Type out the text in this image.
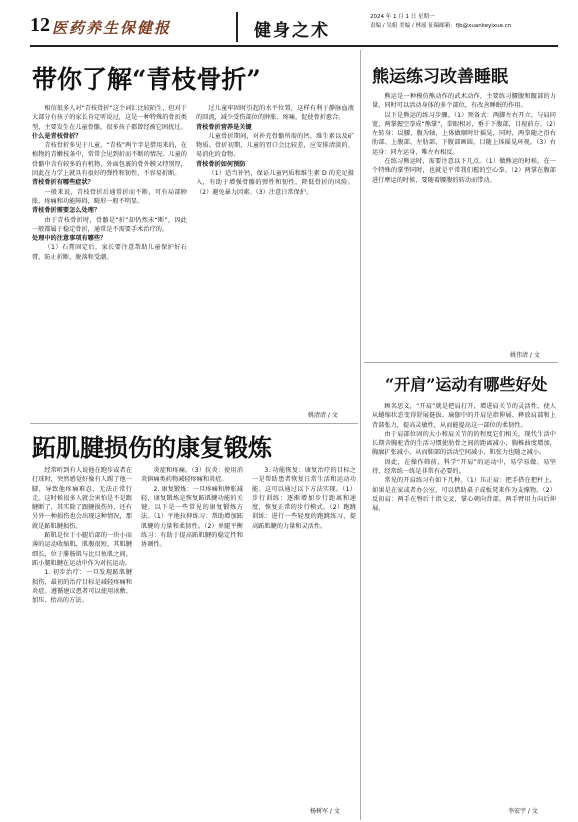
12 医药养生保健报	健身之术
2024 年 1 月 1 日 星期一
责编 / 吴娟 美编 / 林瑶 征稿邮箱：fjb@xuankeyixue.cn
带你了解“青枝骨折”

相信很多人对“青枝骨折”这个词汇比较陌生，但对于大部分有孩子的家长肯定听说过，这是一种特殊的骨折类型，主要发生在儿童骨骼，很多孩子都曾经被它困扰过。

什么是青枝骨折？

青枝骨折多见于儿童。“青枝”两个字是借用来的，在植物的青嫩枝条中，常常会见到折而不断的情况。儿童的骨骼中含有较多的有机物，外面包裹的骨外膜又特别厚，因此在力学上就具有很好的弹性和韧性，不容易折断。

青枝骨折有哪些症状？

一般来说，青枝骨折后通常折而不断，可有局部肿胀、疼痛和功能障碍，畸形一般不明显。

青枝骨折需要怎么处理？

由于青枝骨折时，骨骼是“折”却仍然未“断”，因此一般都属于稳定骨折，通常是不需要手术治疗的。

处理中的注意事项有哪些？

（1）石膏固定后，家长要注意帮助儿童保护好石膏，防止折断、脱落和受潮。

过儿童牢固时引起的水平位置，这样有利于静脉血液的回流，减少受伤部位的肿胀、疼痛，促使骨折愈合。

青枝骨折营养是关键

儿童骨折期间，对补充骨骼所需的钙、维生素以及矿物质。骨折初期，儿童的胃口会比较差，应安排清淡的、易消化的食物。

青枝骨折如何预防

（1）适当补钙，保证儿童钙质和维生素 D 的充足摄入，有助于增强骨骼的弹性和韧性，降低骨折的风险。（2）避免暴力因素。（3）注意日常保护。

姚清清 / 文
跖肌腱损伤的康复锻炼

经常听到有人说他在跑步或者在打球时，突然感觉好像有人踢了他一脚，导致他疼痛难忍、无法正常行走。这时候很多人就会害怕是不是跟腱断了，其实除了跟腱损伤外，还有另外一种损伤也会出现这种情况，那就是跖肌腱损伤。

跖肌是位于小腿后部的一块小而薄的运动收缩肌，肌腹很短，其肌腱细长，位于腓肠肌与比目鱼肌之间。跖小腿肌腱在运动中作为对抗运动。

1. 初步治疗：一旦发现跖肌腱损伤，最初的治疗目标是减轻疼痛和炎症。遵循建议患者可以使用冰敷、加压、抬高的方法。

炎症和疼痛。（3）抗炎：使用消炎镇痛类药物减轻疼痛和炎症。

2. 康复锻炼：一旦疼痛和肿胀减轻，康复锻炼是恢复跖肌腱功能的关键。以下是一些常见的康复锻炼方法。（1）平地拉伸练习：帮助增加跖肌腱的力量和柔韧性。（2）单腿平衡练习：有助于提高跖肌腱的稳定性和协调性。

3. 功能恢复：康复治疗的目标之一是帮助患者恢复日常生活和运动功能。这可以通过以下方法实现。（1）步行训练：逐渐增加步行距离和速度，恢复正常的步行模式。（2）跑跳训练：进行一些轻度的跑跳练习，提高跖肌腱的力量和灵活性。

杨树军 / 文
熊运练习改善睡眠

熊运是一种模仿熊动作的武术动作，主要练习腰腹和髋部的力量，同时可以活动身体的多个部位，有改善睡眠的作用。

以下是熊运的练习步骤。（1）预备式：两脚左右开立，与肩同宽，两掌握空拳成“熊掌”，拳眼相对，垂于下腹部，目视前方。（2）左转身：以腰、腹为轴，上体做顺时针摇晃，同时，两拳随之沿右肋部、上腹部、左肋部、下腹部画圆，目随上体摇晃环视。（3）右运身：同左运身，唯左右相反。

在练习熊运时，需要注意以下几点。（1）做熊运的时候，在一个特殊的掌型同时，也就是平常我们握的空心拳。（2）两掌在腹部进行摩运的时候，要随着腰腹的转动而带动。

姚伟清 / 文
“开肩”运动有哪些好处

顾名思义，“开肩”就是把肩打开，增进肩关节的灵活性，使人从蜷缩状态变得舒展挺拔。瑜伽中的开肩是指伸展、释放肩部和上背部张力，提高灵敏性，从而能提高这一部位的柔韧性。

由于肩部位固的大小和肩关节的的程度它们相关，现代生活中长期含胸驼背的生活习惯使肋骨之间的距离减小，胸椎曲度增加，胸廓扩张减小，从而肺部的活动空间减小，肌张力也随之减小。

因此，在操作筛前，科学“开肩”的运动中，易学易做、易坚持，经常练一练是非常有必要的。

常见的开肩练习有如下几种。（1）压正肩：把手搭在把杆上，如果是在家或者办公室，可以借助桌子或板凳来作为支撑物。（2）反扣肩：两手在臀后十指交叉，掌心朝向背部，两手臂用力向后伸展。

李宏宇 / 文
